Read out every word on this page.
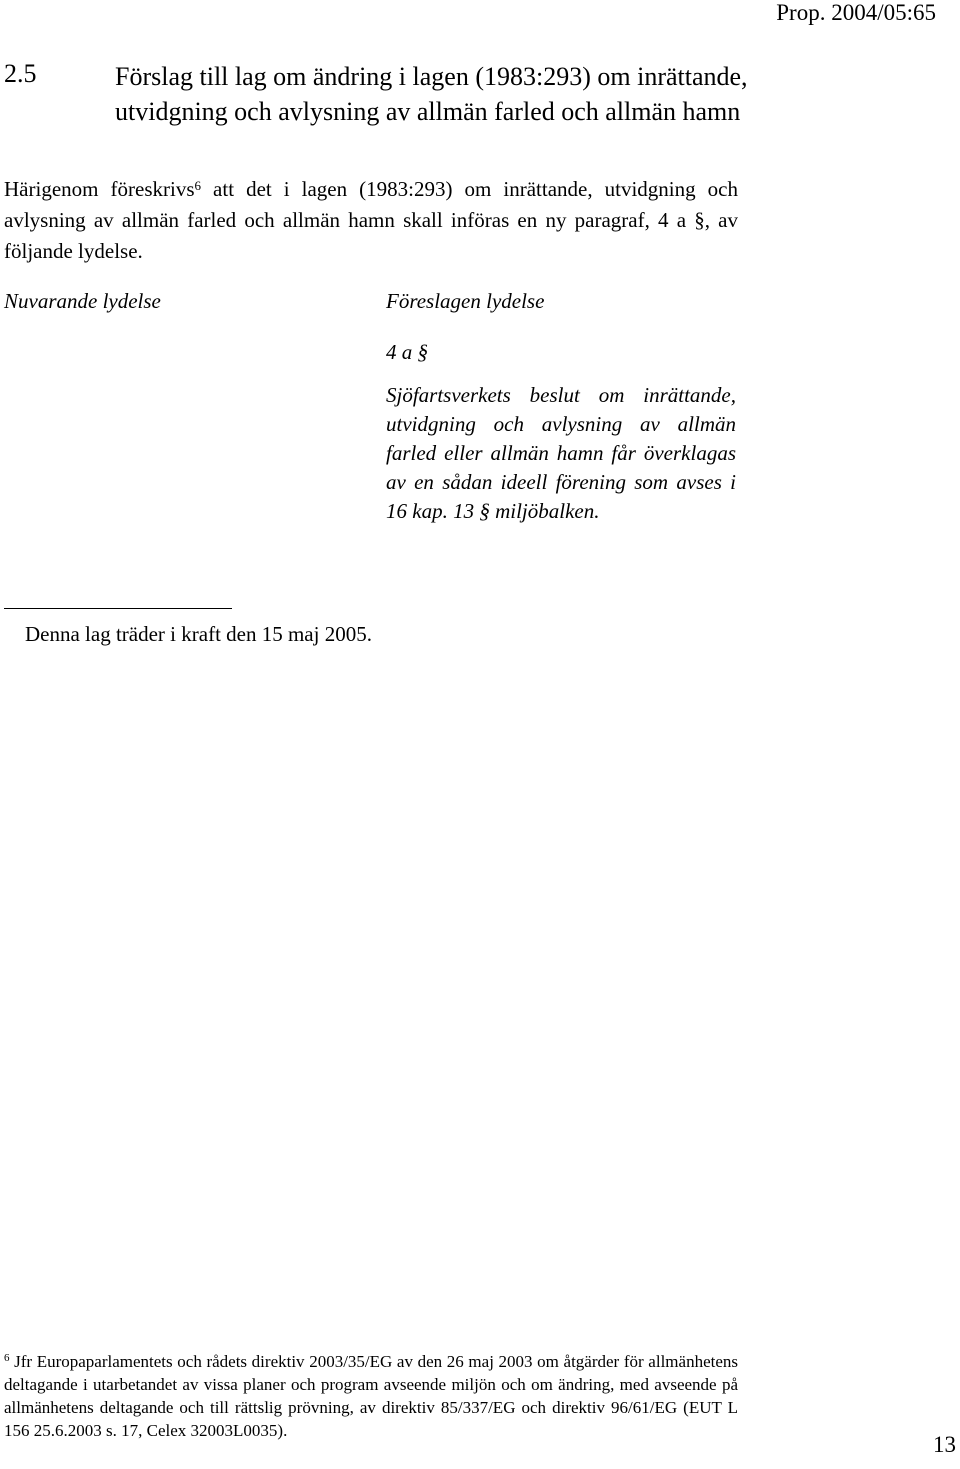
Prop. 2004/05:65
2.5	Förslag till lag om ändring i lagen (1983:293) om inrättande, utvidgning och avlysning av allmän farled och allmän hamn
Härigenom föreskrivs$^6$ att det i lagen (1983:293) om inrättande, utvidgning och avlysning av allmän farled och allmän hamn skall införas en ny paragraf, 4 a §, av följande lydelse.
Nuvarande lydelse	Föreslagen lydelse
4 a §
Sjöfartsverkets beslut om inrättande, utvidgning och avlysning av allmän farled eller allmän hamn får överklagas av en sådan ideell förening som avses i 16 kap. 13 § miljöbalken.
Denna lag träder i kraft den 15 maj 2005.
$^6$ Jfr Europaparlamentets och rådets direktiv 2003/35/EG av den 26 maj 2003 om åtgärder för allmänhetens deltagande i utarbetandet av vissa planer och program avseende miljön och om ändring, med avseende på allmänhetens deltagande och till rättslig prövning, av direktiv 85/337/EG och direktiv 96/61/EG (EUT L 156 25.6.2003 s. 17, Celex 32003L0035).
13
